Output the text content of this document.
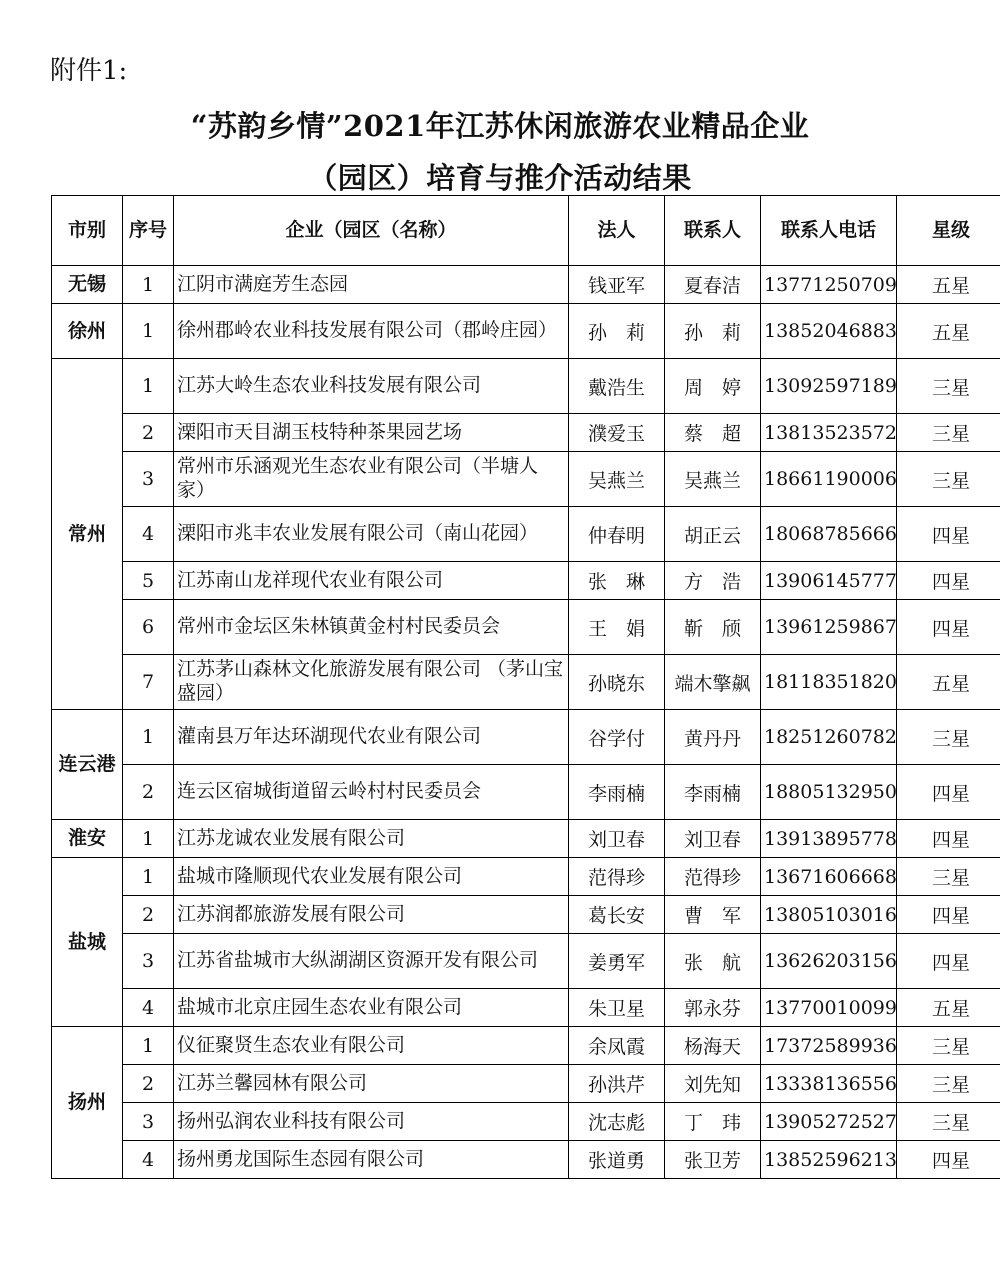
附件1:
“苏韵乡情”2021年江苏休闲旅游农业精品企业
（园区）培育与推介活动结果
市别	序号	企业（园区（名称）	法人	联系人	联系人电话	星级
无锡	1	江阴市满庭芳生态园	钱亚军	夏春洁	13771250709	五星
徐州	1	徐州郡岭农业科技发展有限公司（郡岭庄园）	孙　莉	孙　莉	13852046883	五星
常州	1	江苏大岭生态农业科技发展有限公司	戴浩生	周　婷	13092597189	三星
	2	溧阳市天目湖玉枝特种茶果园艺场	濮爱玉	蔡　超	13813523572	三星
	3	常州市乐涵观光生态农业有限公司（半塘人家）	吴燕兰	吴燕兰	18661190006	三星
	4	溧阳市兆丰农业发展有限公司（南山花园）	仲春明	胡正云	18068785666	四星
	5	江苏南山龙祥现代农业有限公司	张　琳	方　浩	13906145777	四星
	6	常州市金坛区朱林镇黄金村村民委员会	王　娟	靳　颀	13961259867	四星
	7	江苏茅山森林文化旅游发展有限公司 （茅山宝盛园）	孙晓东	端木擎飙	18118351820	五星
连云港	1	灌南县万年达环湖现代农业有限公司	谷学付	黄丹丹	18251260782	三星
	2	连云区宿城街道留云岭村村民委员会	李雨楠	李雨楠	18805132950	四星
淮安	1	江苏龙诚农业发展有限公司	刘卫春	刘卫春	13913895778	四星
盐城	1	盐城市隆顺现代农业发展有限公司	范得珍	范得珍	13671606668	三星
	2	江苏润都旅游发展有限公司	葛长安	曹　军	13805103016	四星
	3	江苏省盐城市大纵湖湖区资源开发有限公司	姜勇军	张　航	13626203156	四星
	4	盐城市北京庄园生态农业有限公司	朱卫星	郭永芬	13770010099	五星
扬州	1	仪征聚贤生态农业有限公司	余凤霞	杨海天	17372589936	三星
	2	江苏兰馨园林有限公司	孙洪芹	刘先知	13338136556	三星
	3	扬州弘润农业科技有限公司	沈志彪	丁　玮	13905272527	三星
	4	扬州勇龙国际生态园有限公司	张道勇	张卫芳	13852596213	四星
